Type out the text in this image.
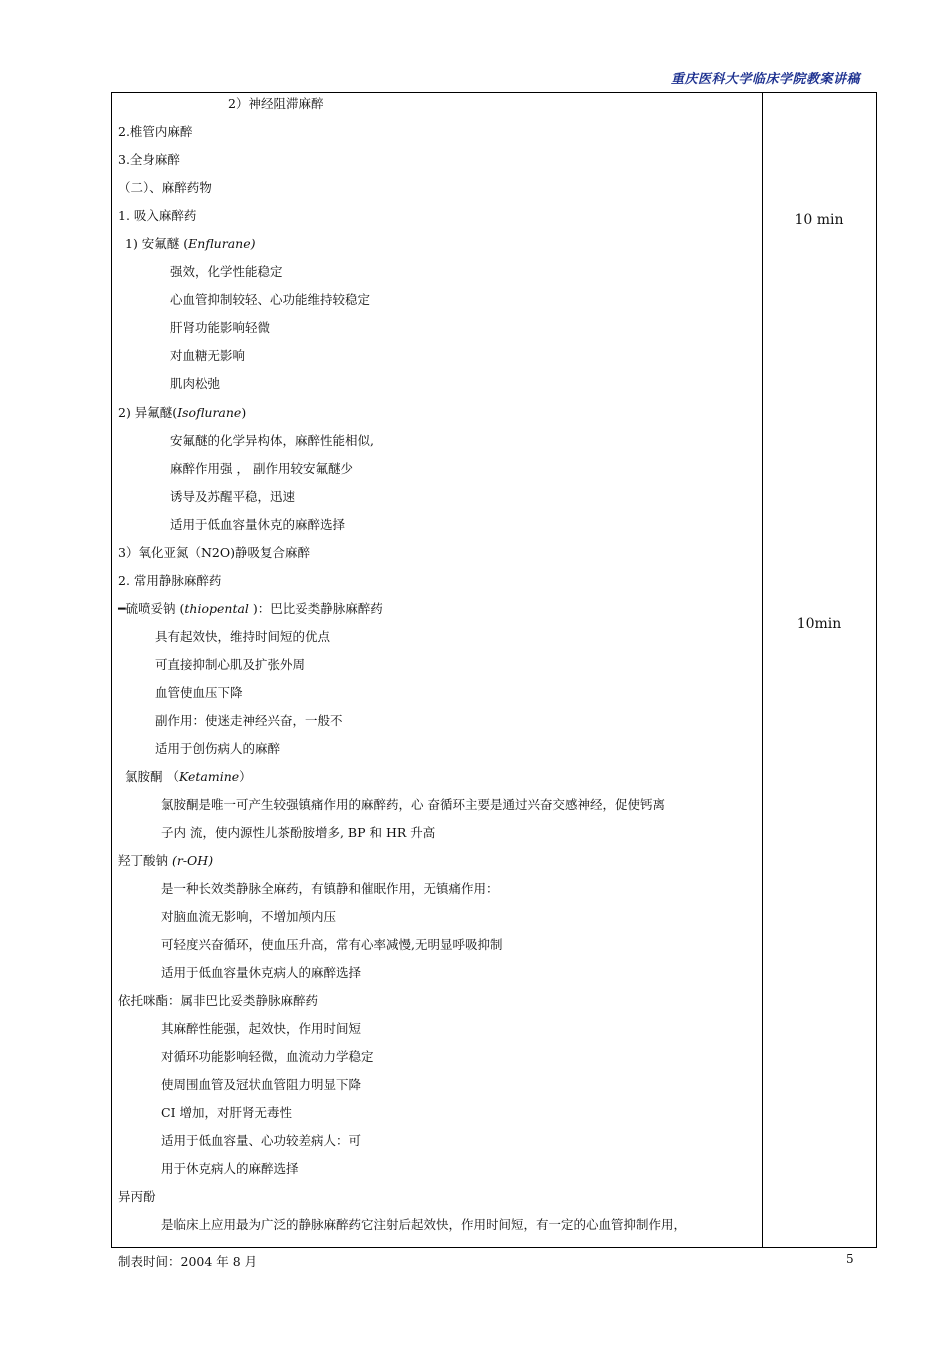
重庆医科大学临床学院教案讲稿
2）神经阻滞麻醉
2.椎管内麻醉
3.全身麻醉
（二）、麻醉药物
1. 吸入麻醉药
1) 安氟醚 (Enflurane)
强效，化学性能稳定
心血管抑制较轻、心功能维持较稳定
肝肾功能影响轻微
对血糖无影响
肌肉松弛
2) 异氟醚(Isoflurane)
安氟醚的化学异构体，麻醉性能相似,
麻醉作用强 ， 副作用较安氟醚少
诱导及苏醒平稳，迅速
适用于低血容量休克的麻醉选择
3）氧化亚氮（N2O)静吸复合麻醉
2. 常用静脉麻醉药
━硫喷妥钠 (thiopental )：巴比妥类静脉麻醉药
具有起效快，维持时间短的优点
可直接抑制心肌及扩张外周
血管使血压下降
副作用：使迷走神经兴奋，一般不
适用于创伤病人的麻醉
氯胺酮 （Ketamine）
氯胺酮是唯一可产生较强镇痛作用的麻醉药，心 奋循环主要是通过兴奋交感神经，促使钙离
子内 流，使内源性儿茶酚胺增多, BP 和 HR 升高
羟丁酸钠 (r-OH)
是一种长效类静脉全麻药，有镇静和催眠作用，无镇痛作用：
对脑血流无影响，不增加颅内压
可轻度兴奋循环，使血压升高，常有心率减慢,无明显呼吸抑制
适用于低血容量休克病人的麻醉选择
依托咪酯：属非巴比妥类静脉麻醉药
其麻醉性能强，起效快，作用时间短
对循环功能影响轻微，血流动力学稳定
使周围血管及冠状血管阻力明显下降
CI 增加，对肝肾无毒性
适用于低血容量、心功较差病人：可
用于休克病人的麻醉选择
异丙酚
是临床上应用最为广泛的静脉麻醉药它注射后起效快，作用时间短，有一定的心血管抑制作用，
10 min
10min
制表时间：2004 年 8 月	5
